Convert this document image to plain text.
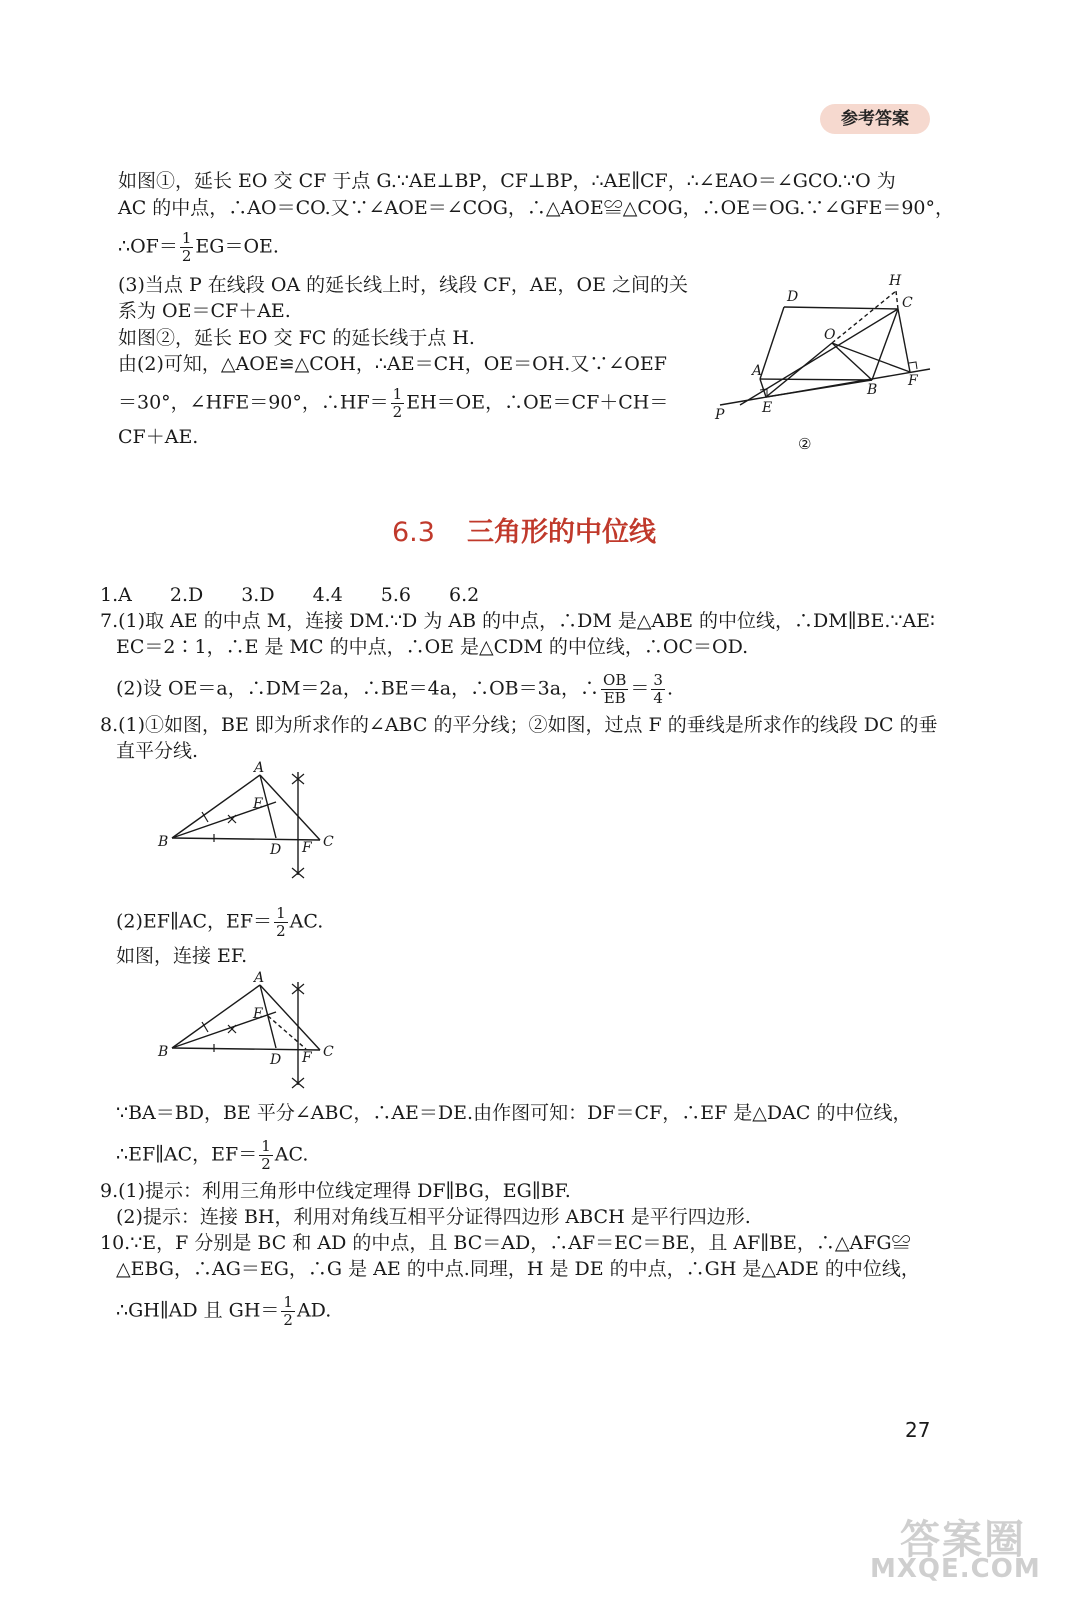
参考答案
如图①，延长 EO 交 CF 于点 G.∵AE⊥BP，CF⊥BP，∴AE∥CF，∴∠EAO＝∠GCO.∵O 为
AC 的中点，∴AO＝CO.又∵∠AOE＝∠COG，∴△AOE≌△COG，∴OE＝OG.∵∠GFE＝90°，
∴OF＝ $\frac{1}{2} EG=OE$.
(3)当点 P 在线段 OA 的延长线上时，线段 CF，AE，OE 之间的关
系为 OE＝CF＋AE.
如图②，延长 EO 交 FC 的延长线于点 H.
由(2)可知，△AOE≌△COH，∴AE＝CH，OE＝OH.又∵∠OEF
＝30°，∠HFE＝90°，∴HF＝ $\frac{1}{2} EH=OE$，∴OE＝CF＋CH＝
CF＋AE.
H
D	C
O
A
B
F
E
P
②
6.3 三角形的中位线
1.A　　2.D　　3.D　　4.4　　5.6　　6.2
7.(1)取 AE 的中点 M，连接 DM.∵D 为 AB 的中点，∴DM 是△ABE 的中位线，∴DM∥BE.∵AE∶
EC＝2∶1，∴E 是 MC 的中点，∴OE 是△CDM 的中位线，∴OC＝OD.
(2)设 OE＝a，∴DM＝2a，∴BE＝4a，∴OB＝3a，∴ $\frac{OB}{EB} = \frac{3}{4}$ .
8.(1)①如图，BE 即为所求作的∠ABC 的平分线；②如图，过点 F 的垂线是所求作的线段 DC 的垂
直平分线.
A
E
B	D F C
(2)EF∥AC，$EF= \frac{1}{2}$ AC.
如图，连接 EF.
A
E
B	D F C
∵BA＝BD，BE 平分∠ABC，∴AE＝DE.由作图可知：DF＝CF，∴EF 是△DAC 的中位线，
∴EF∥AC，$EF= \frac{1}{2}$ AC.
9.(1)提示：利用三角形中位线定理得 DF∥BG，EG∥BF.
(2)提示：连接 BH，利用对角线互相平分证得四边形 ABCH 是平行四边形.
10.∵E，F 分别是 BC 和 AD 的中点，且 BC＝AD，∴AF＝EC＝BE，且 AF∥BE，∴△AFG≌
△EBG，∴AG＝EG，∴G 是 AE 的中点.同理，H 是 DE 的中点，∴GH 是△ADE 的中位线，
∴GH∥AD 且 $GH= \frac{1}{2}$ AD.
27
答案圈
MXQE.COM
